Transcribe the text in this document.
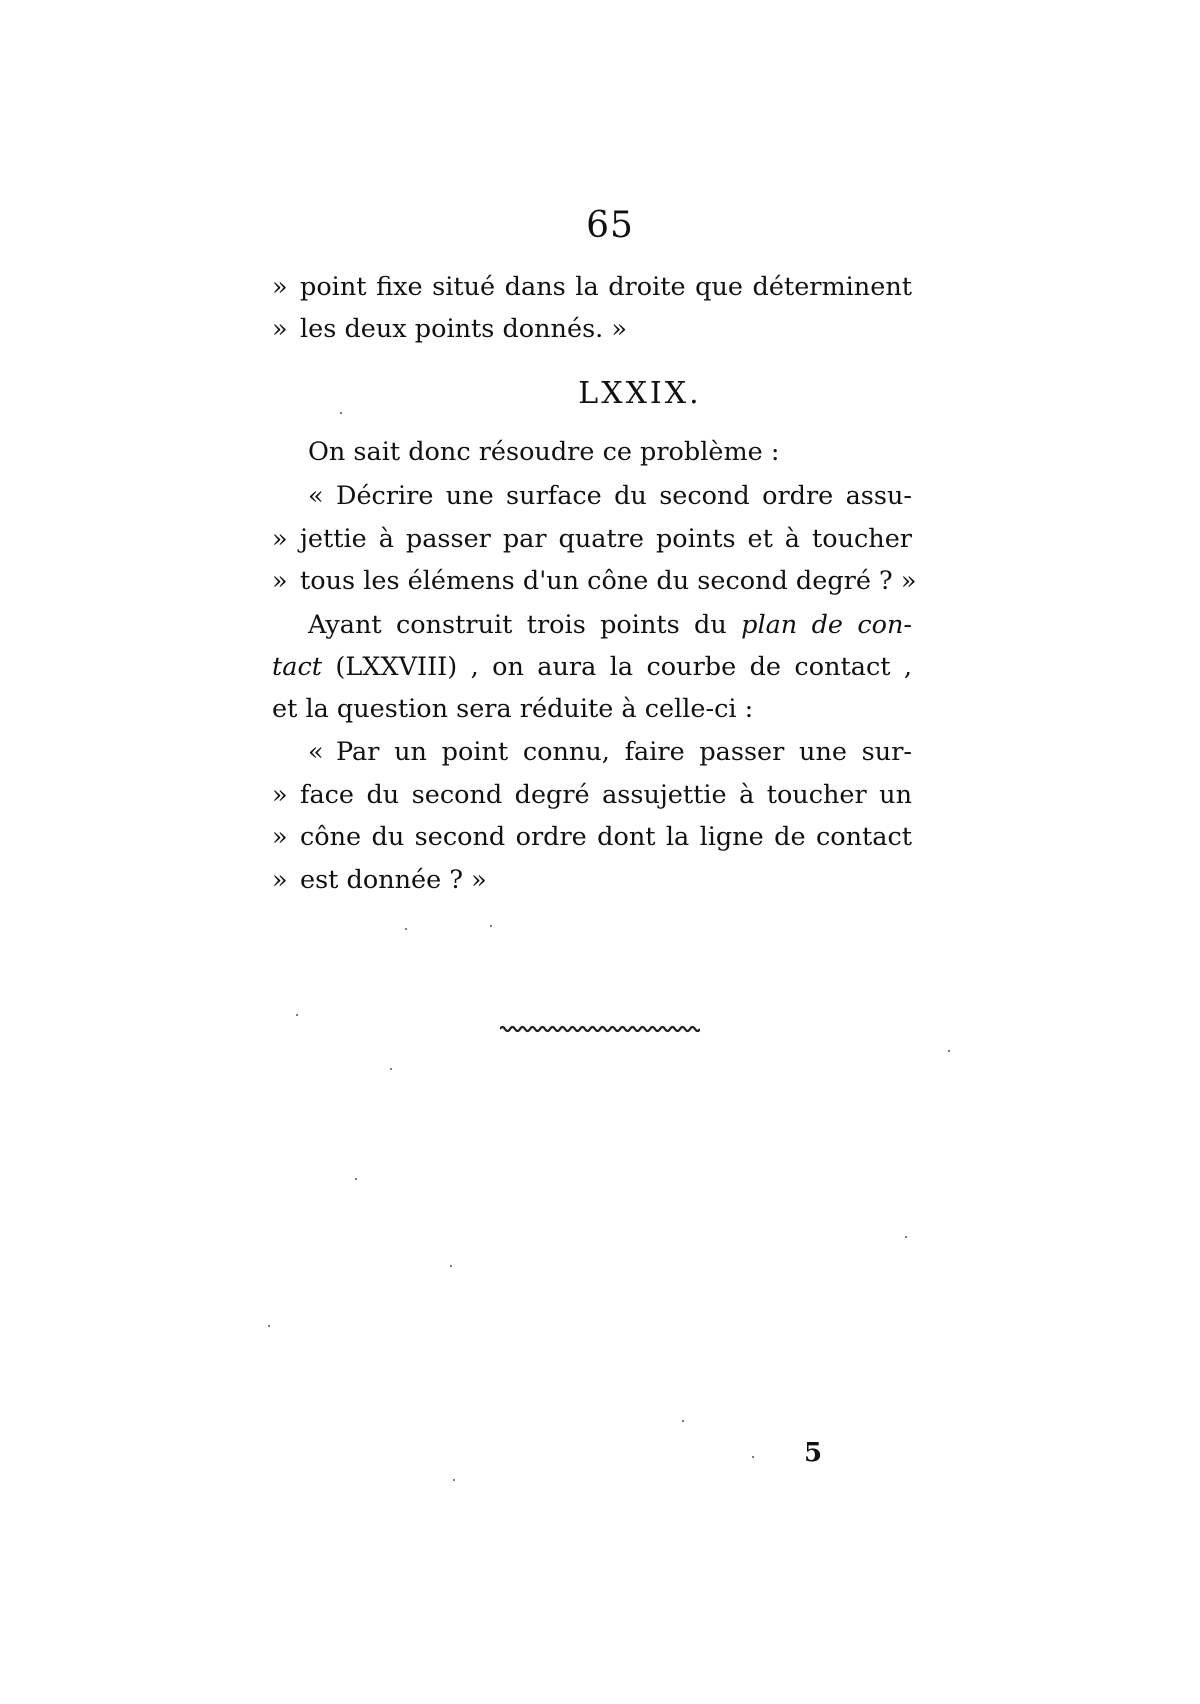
65
» point fixe situé dans la droite que déterminent
» les deux points donnés. »
LXXIX.
On sait donc résoudre ce problème :
« Décrire une surface du second ordre assu-
» jettie à passer par quatre points et à toucher
» tous les élémens d'un cône du second degré ? »
Ayant construit trois points du plan de con-
tact (LXXVIII) , on aura la courbe de contact ,
et la question sera réduite à celle-ci :
« Par un point connu, faire passer une sur-
» face du second degré assujettie à toucher un
» cône du second ordre dont la ligne de contact
» est donnée ? »
5
